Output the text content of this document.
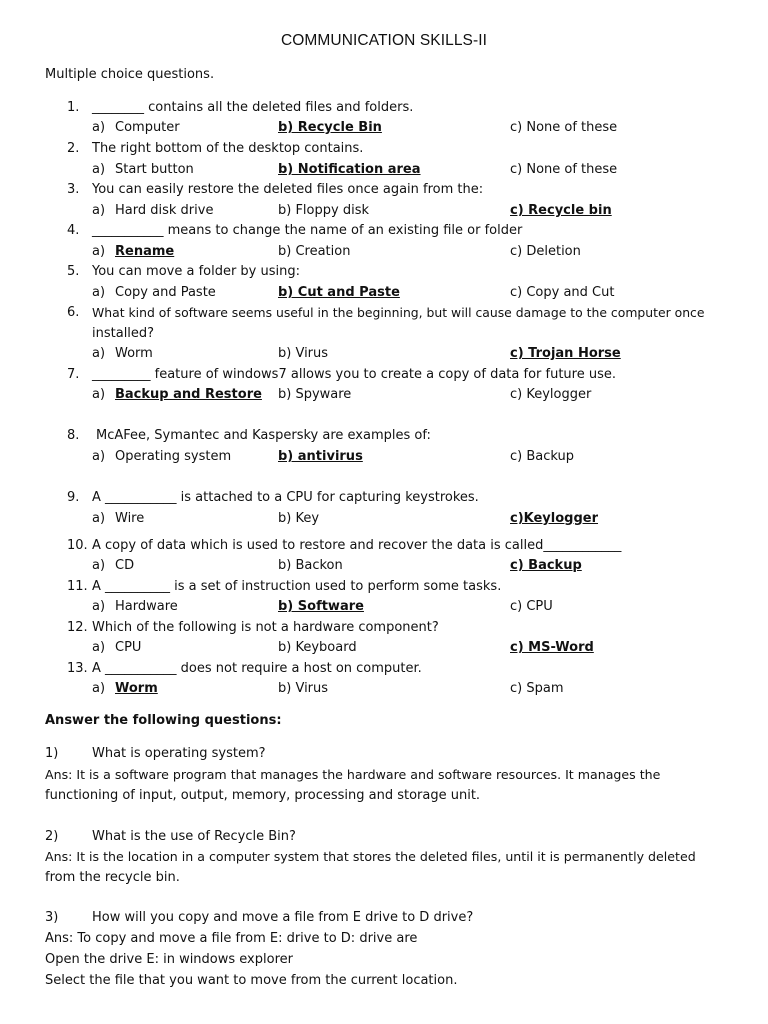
COMMUNICATION SKILLS-II
Multiple choice questions.
1. ________ contains all the deleted files and folders.
a) Computer	b) Recycle Bin	c) None of these
2. The right bottom of the desktop contains.
a) Start button	b) Notification area	c) None of these
3. You can easily restore the deleted files once again from the:
a) Hard disk drive	b) Floppy disk	c) Recycle bin
4. ___________ means to change the name of an existing file or folder
a) Rename	b) Creation	c) Deletion
5. You can move a folder by using:
a) Copy and Paste	b) Cut and Paste	c) Copy and Cut
6.	What kind of software seems useful in the beginning, but will cause damage to the computer once
installed?
a) Worm	b) Virus	c) Trojan Horse
7. _________ feature of windows7 allows you to create a copy of data for future use.
a) Backup and Restore b) Spyware	c) Keylogger
8.	McAFee, Symantec and Kaspersky are examples of:
a) Operating system	b) antivirus	c) Backup
9. A ___________ is attached to a CPU for capturing keystrokes.
a) Wire	b) Key	c)Keylogger
10. A copy of data which is used to restore and recover the data is called____________
a) CD	b) Backon	c) Backup
11. A __________ is a set of instruction used to perform some tasks.
a) Hardware	b) Software	c) CPU
12. Which of the following is not a hardware component?
a) CPU	b) Keyboard	c) MS-Word
13. A ___________ does not require a host on computer.
a) Worm	b) Virus	c) Spam
Answer the following questions:
1)	What is operating system?
Ans: It is a software program that manages the hardware and software resources. It manages the
functioning of input, output, memory, processing and storage unit.
2)	What is the use of Recycle Bin?
Ans: It is the location in a computer system that stores the deleted files, until it is permanently deleted
from the recycle bin.
3)	How will you copy and move a file from E drive to D drive?
Ans: To copy and move a file from E: drive to D: drive are
Open the drive E: in windows explorer
Select the file that you want to move from the current location.
